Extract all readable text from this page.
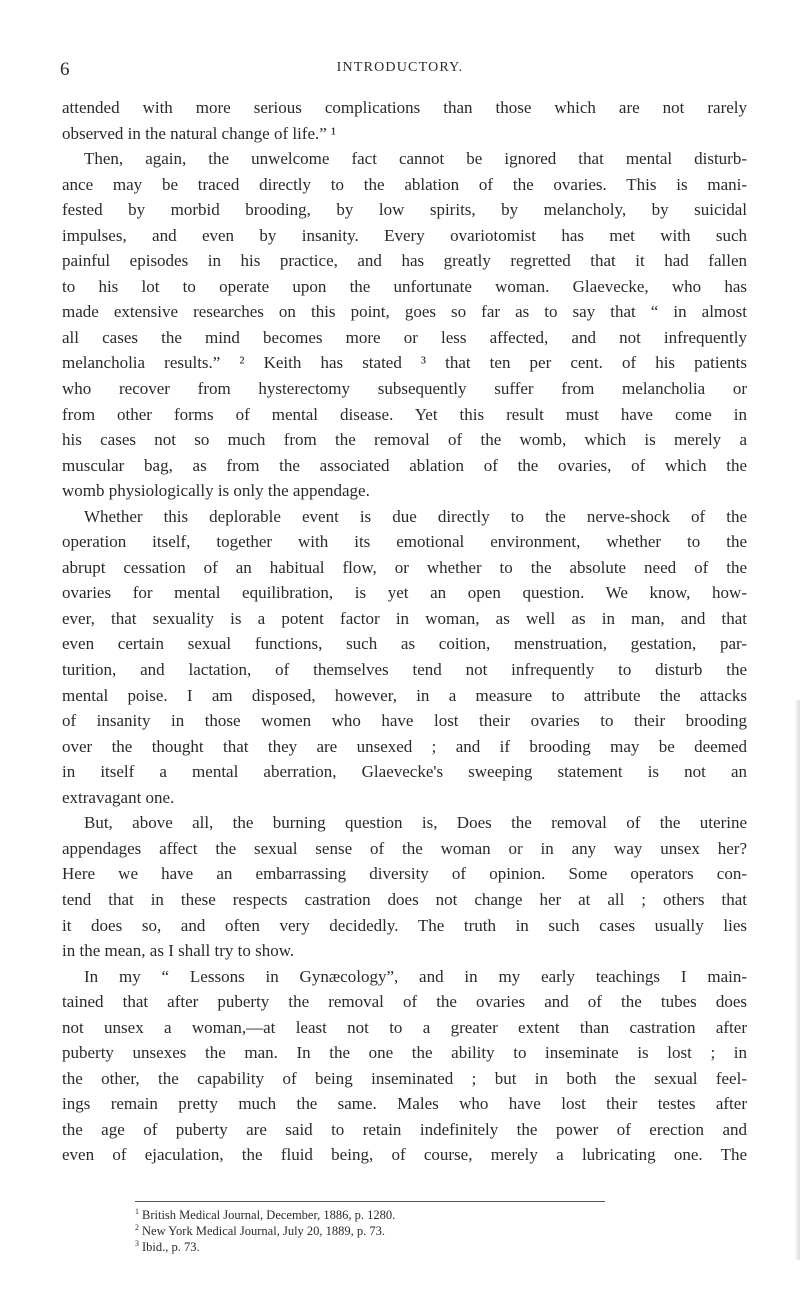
6	INTRODUCTORY.
attended with more serious complications than those which are not rarely
observed in the natural change of life.” ¹
Then, again, the unwelcome fact cannot be ignored that mental disturb-
ance may be traced directly to the ablation of the ovaries. This is mani-
fested by morbid brooding, by low spirits, by melancholy, by suicidal
impulses, and even by insanity. Every ovariotomist has met with such
painful episodes in his practice, and has greatly regretted that it had fallen
to his lot to operate upon the unfortunate woman. Glaevecke, who has
made extensive researches on this point, goes so far as to say that “ in almost
all cases the mind becomes more or less affected, and not infrequently
melancholia results.” ² Keith has stated ³ that ten per cent. of his patients
who recover from hysterectomy subsequently suffer from melancholia or
from other forms of mental disease. Yet this result must have come in
his cases not so much from the removal of the womb, which is merely a
muscular bag, as from the associated ablation of the ovaries, of which the
womb physiologically is only the appendage.
Whether this deplorable event is due directly to the nerve-shock of the
operation itself, together with its emotional environment, whether to the
abrupt cessation of an habitual flow, or whether to the absolute need of the
ovaries for mental equilibration, is yet an open question. We know, how-
ever, that sexuality is a potent factor in woman, as well as in man, and that
even certain sexual functions, such as coition, menstruation, gestation, par-
turition, and lactation, of themselves tend not infrequently to disturb the
mental poise. I am disposed, however, in a measure to attribute the attacks
of insanity in those women who have lost their ovaries to their brooding
over the thought that they are unsexed ; and if brooding may be deemed
in itself a mental aberration, Glaevecke's sweeping statement is not an
extravagant one.
But, above all, the burning question is, Does the removal of the uterine
appendages affect the sexual sense of the woman or in any way unsex her?
Here we have an embarrassing diversity of opinion. Some operators con-
tend that in these respects castration does not change her at all ; others that
it does so, and often very decidedly. The truth in such cases usually lies
in the mean, as I shall try to show.
In my “ Lessons in Gynæcology”, and in my early teachings I main-
tained that after puberty the removal of the ovaries and of the tubes does
not unsex a woman,—at least not to a greater extent than castration after
puberty unsexes the man. In the one the ability to inseminate is lost ; in
the other, the capability of being inseminated ; but in both the sexual feel-
ings remain pretty much the same. Males who have lost their testes after
the age of puberty are said to retain indefinitely the power of erection and
even of ejaculation, the fluid being, of course, merely a lubricating one. The
$^1$ British Medical Journal, December, 1886, p. 1280.
$^2$ New York Medical Journal, July 20, 1889, p. 73.
$^3$ Ibid., p. 73.
